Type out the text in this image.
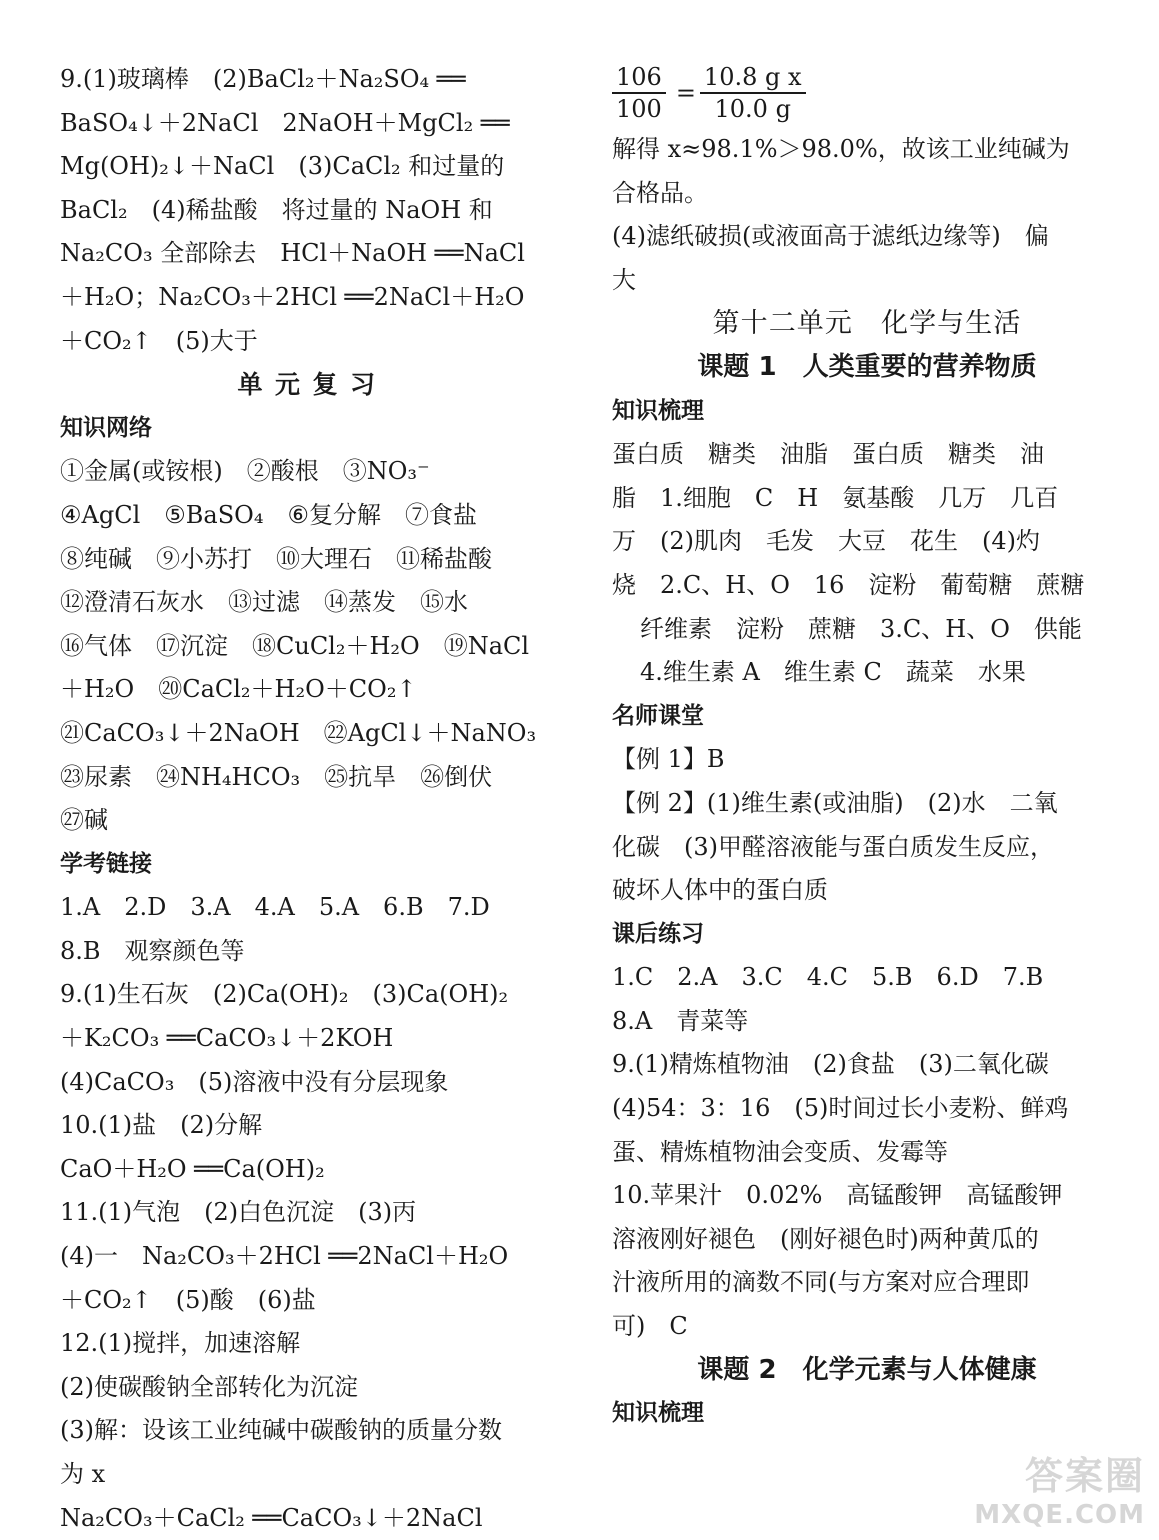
9.(1)玻璃棒　(2)BaCl₂＋Na₂SO₄ ══
BaSO₄↓＋2NaCl　2NaOH＋MgCl₂ ══
Mg(OH)₂↓＋NaCl　(3)CaCl₂ 和过量的
BaCl₂　(4)稀盐酸　将过量的 NaOH 和
Na₂CO₃ 全部除去　HCl＋NaOH ══NaCl
＋H₂O；Na₂CO₃＋2HCl ══2NaCl＋H₂O
＋CO₂↑　(5)大于
单元复习
知识网络
①金属(或铵根)　②酸根　③NO₃⁻
④AgCl　⑤BaSO₄　⑥复分解　⑦食盐
⑧纯碱　⑨小苏打　⑩大理石　⑪稀盐酸
⑫澄清石灰水　⑬过滤　⑭蒸发　⑮水
⑯气体　⑰沉淀　⑱CuCl₂＋H₂O　⑲NaCl
＋H₂O　⑳CaCl₂＋H₂O＋CO₂↑
㉑CaCO₃↓＋2NaOH　㉒AgCl↓＋NaNO₃
㉓尿素　㉔NH₄HCO₃　㉕抗旱　㉖倒伏
㉗碱
学考链接
1.A　2.D　3.A　4.A　5.A　6.B　7.D
8.B　观察颜色等
9.(1)生石灰　(2)Ca(OH)₂　(3)Ca(OH)₂
＋K₂CO₃ ══CaCO₃↓＋2KOH
(4)CaCO₃　(5)溶液中没有分层现象
10.(1)盐　(2)分解
CaO＋H₂O ══Ca(OH)₂
11.(1)气泡　(2)白色沉淀　(3)丙
(4)一　Na₂CO₃＋2HCl ══2NaCl＋H₂O
＋CO₂↑　(5)酸　(6)盐
12.(1)搅拌，加速溶解
(2)使碳酸钠全部转化为沉淀
(3)解：设该工业纯碱中碳酸钠的质量分数
为 x
Na₂CO₃＋CaCl₂ ══CaCO₃↓＋2NaCl
$\frac{106}{100} = \frac{\text{10.8 g x}}{10.0 g}$
解得 x≈98.1%＞98.0%，故该工业纯碱为
合格品。
(4)滤纸破损(或液面高于滤纸边缘等)　偏
大
第十二单元　化学与生活
课题 1　人类重要的营养物质
知识梳理
蛋白质　糖类　油脂　蛋白质　糖类　油
脂　1.细胞　C　H　氨基酸　几万　几百
万　(2)肌肉　毛发　大豆　花生　(4)灼
烧　2.C、H、O　16　淀粉　葡萄糖　蔗糖
纤维素　淀粉　蔗糖　3.C、H、O　供能
4.维生素 A　维生素 C　蔬菜　水果
名师课堂
【例 1】B
【例 2】(1)维生素(或油脂)　(2)水　二氧
化碳　(3)甲醛溶液能与蛋白质发生反应，
破坏人体中的蛋白质
课后练习
1.C　2.A　3.C　4.C　5.B　6.D　7.B
8.A　青菜等
9.(1)精炼植物油　(2)食盐　(3)二氧化碳
(4)54：3：16　(5)时间过长小麦粉、鲜鸡
蛋、精炼植物油会变质、发霉等
10.苹果汁　0.02%　高锰酸钾　高锰酸钾
溶液刚好褪色　(刚好褪色时)两种黄瓜的
汁液所用的滴数不同(与方案对应合理即
可)　C
课题 2　化学元素与人体健康
知识梳理
答案圈
MXQE.COM
